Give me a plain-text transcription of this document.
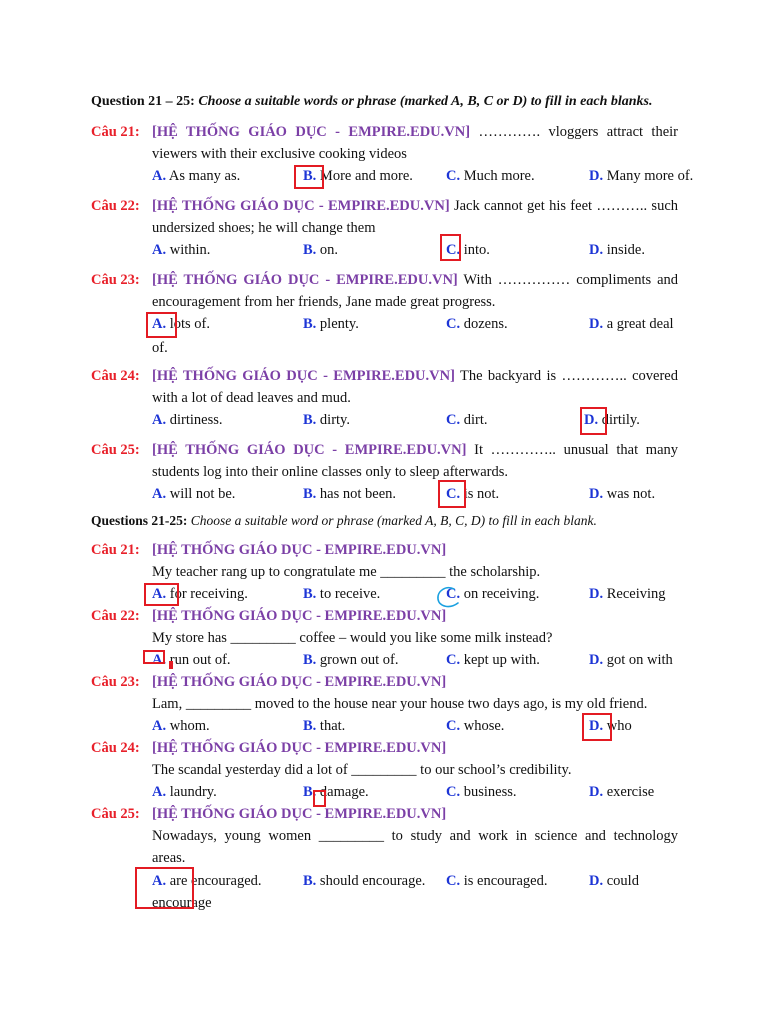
Question 21 – 25: Choose a suitable words or phrase (marked A, B, C or D) to fill in each blanks.
Câu 21: [HỆ THỐNG GIÁO DỤC - EMPIRE.EDU.VN] …………. vloggers attract their
viewers with their exclusive cooking videos
A. As many as.	B. More and more. C. Much more.	D. Many more of.
Câu 22: [HỆ THỐNG GIÁO DỤC - EMPIRE.EDU.VN] Jack cannot get his feet ……….. such
undersized shoes; he will change them
A. within.	B. on.	C. into.	D. inside.
Câu 23: [HỆ THỐNG GIÁO DỤC - EMPIRE.EDU.VN] With …………… compliments and
encouragement from her friends, Jane made great progress.
A. lots of.	B. plenty.	C. dozens.	D. a great deal
of.
Câu 24: [HỆ THỐNG GIÁO DỤC - EMPIRE.EDU.VN] The backyard is ………….. covered
with a lot of dead leaves and mud.
A. dirtiness.	B. dirty.	C. dirt.	D. dirtily.
Câu 25: [HỆ THỐNG GIÁO DỤC - EMPIRE.EDU.VN] It ………….. unusual that many
students log into their online classes only to sleep afterwards.
A. will not be.	B. has not been.	C. is not.	D. was not.
Questions 21-25: Choose a suitable word or phrase (marked A, B, C, D) to fill in each blank.
Câu 21: [HỆ THỐNG GIÁO DỤC - EMPIRE.EDU.VN]
My teacher rang up to congratulate me _________ the scholarship.
A. for receiving.	B. to receive.	C. on receiving.	D. Receiving
Câu 22: [HỆ THỐNG GIÁO DỤC - EMPIRE.EDU.VN]
My store has _________ coffee – would you like some milk instead?
A. run out of.	B. grown out of.	C. kept up with.	D. got on with
Câu 23: [HỆ THỐNG GIÁO DỤC - EMPIRE.EDU.VN]
Lam, _________ moved to the house near your house two days ago, is my old friend.
A. whom.	B. that.	C. whose.	D. who
Câu 24: [HỆ THỐNG GIÁO DỤC - EMPIRE.EDU.VN]
The scandal yesterday did a lot of _________ to our school’s credibility.
A. laundry.	B. damage.	C. business.	D. exercise
Câu 25: [HỆ THỐNG GIÁO DỤC - EMPIRE.EDU.VN]
Nowadays, young women _________ to study and work in science and technology
areas.
A. are encouraged.	B. should encourage. C. is encouraged.	D. could
encourage
